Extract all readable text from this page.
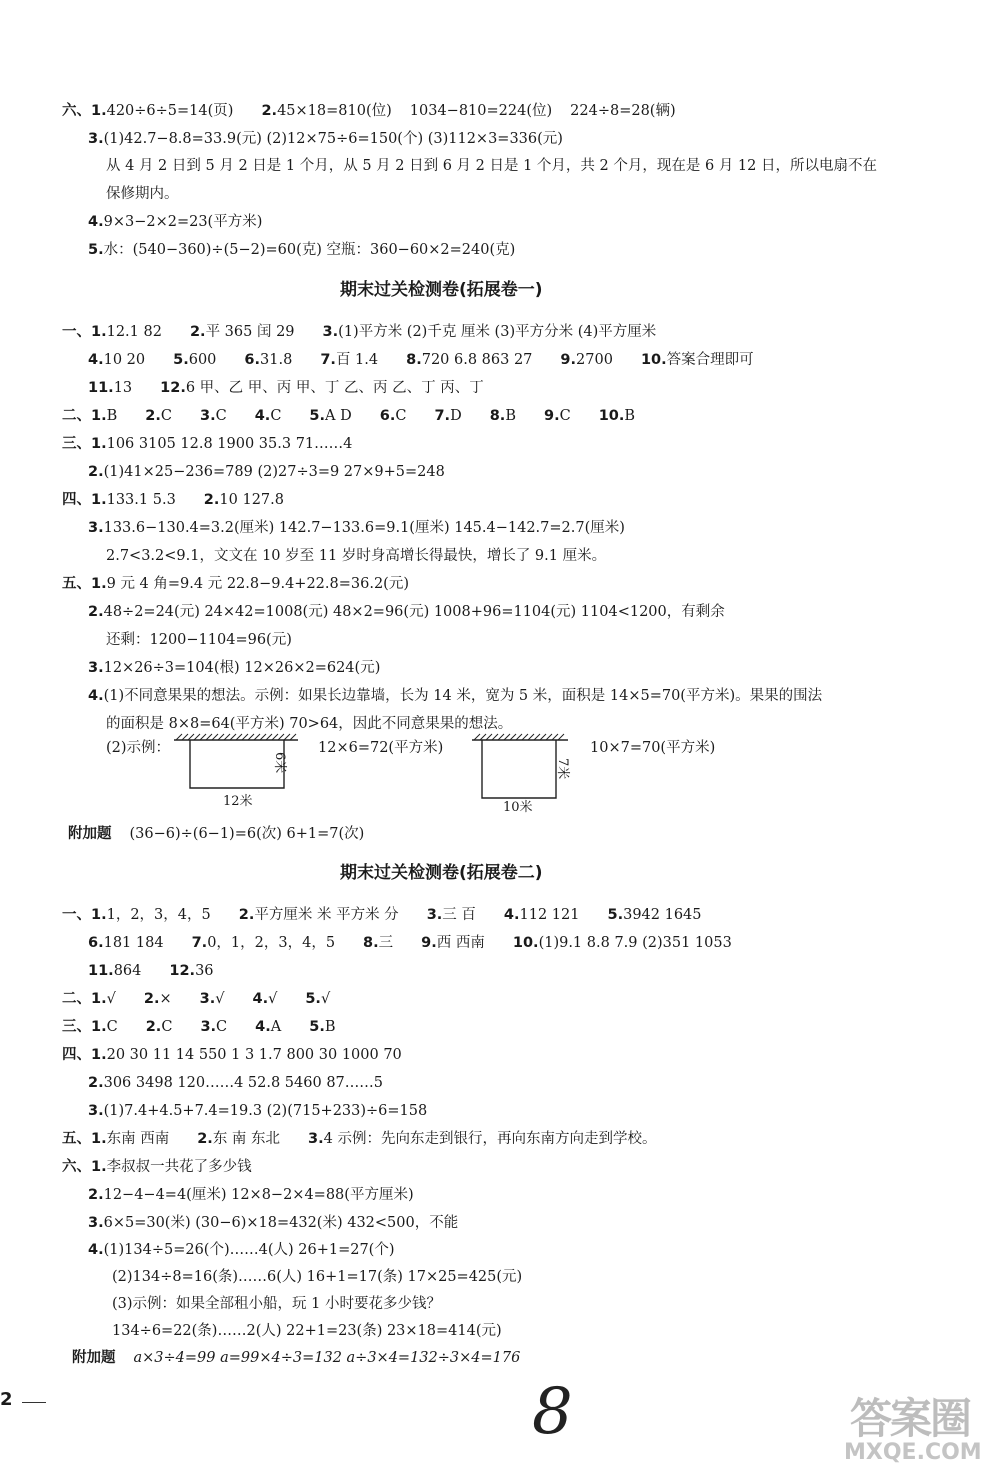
六、1.420÷6÷5=14(页) 2.45×18=810(位) 1034−810=224(位) 224÷8=28(辆)
3.(1)42.7−8.8=33.9(元) (2)12×75÷6=150(个) (3)112×3=336(元)
从 4 月 2 日到 5 月 2 日是 1 个月，从 5 月 2 日到 6 月 2 日是 1 个月，共 2 个月，现在是 6 月 12 日，所以电扇不在
保修期内。
4.9×3−2×2=23(平方米)
5.水：(540−360)÷(5−2)=60(克) 空瓶：360−60×2=240(克)
期末过关检测卷(拓展卷一)
一、1.12.1 82 2.平 365 闰 29 3.(1)平方米 (2)千克 厘米 (3)平方分米 (4)平方厘米
4.10 20 5.600 6.31.8 7.百 1.4 8.720 6.8 863 27 9.2700 10.答案合理即可
11.13 12.6 甲、乙 甲、丙 甲、丁 乙、丙 乙、丁 丙、丁
二、1.B 2.C 3.C 4.C 5.A D 6.C 7.D 8.B 9.C 10.B
三、1.106 3105 12.8 1900 35.3 71……4
2.(1)41×25−236=789 (2)27÷3=9 27×9+5=248
四、1.133.1 5.3 2.10 127.8
3.133.6−130.4=3.2(厘米) 142.7−133.6=9.1(厘米) 145.4−142.7=2.7(厘米)
2.7<3.2<9.1，文文在 10 岁至 11 岁时身高增长得最快，增长了 9.1 厘米。
五、1.9 元 4 角=9.4 元 22.8−9.4+22.8=36.2(元)
2.48÷2=24(元) 24×42=1008(元) 48×2=96(元) 1008+96=1104(元) 1104<1200，有剩余
还剩：1200−1104=96(元)
3.12×26÷3=104(根) 12×26×2=624(元)
4.(1)不同意果果的想法。示例：如果长边靠墙，长为 14 米，宽为 5 米，面积是 14×5=70(平方米)。果果的围法
的面积是 8×8=64(平方米) 70>64，因此不同意果果的想法。
(2)示例：
12米
6米
12×6=72(平方米)
10米
7米
10×7=70(平方米)
附加题 (36−6)÷(6−1)=6(次) 6+1=7(次)
期末过关检测卷(拓展卷二)
一、1.1，2，3，4，5 2.平方厘米 米 平方米 分 3.三 百 4.112 121 5.3942 1645
6.181 184 7.0，1，2，3，4，5 8.三 9.西 西南 10.(1)9.1 8.8 7.9 (2)351 1053
11.864 12.36
二、1.√ 2.× 3.√ 4.√ 5.√
三、1.C 2.C 3.C 4.A 5.B
四、1.20 30 11 14 550 1 3 1.7 800 30 1000 70
2.306 3498 120……4 52.8 5460 87……5
3.(1)7.4+4.5+7.4=19.3 (2)(715+233)÷6=158
五、1.东南 西南 2.东 南 东北 3.4 示例：先向东走到银行，再向东南方向走到学校。
六、1.李叔叔一共花了多少钱
2.12−4−4=4(厘米) 12×8−2×4=88(平方厘米)
3.6×5=30(米) (30−6)×18=432(米) 432<500，不能
4.(1)134÷5=26(个)……4(人) 26+1=27(个)
(2)134÷8=16(条)……6(人) 16+1=17(条) 17×25=425(元)
(3)示例：如果全部租小船，玩 1 小时要花多少钱？
134÷6=22(条)……2(人) 22+1=23(条) 23×18=414(元)
附加题 a×3÷4=99 a=99×4÷3=132 a÷3×4=132÷3×4=176
2	8	答案圈
MXQE.COM
